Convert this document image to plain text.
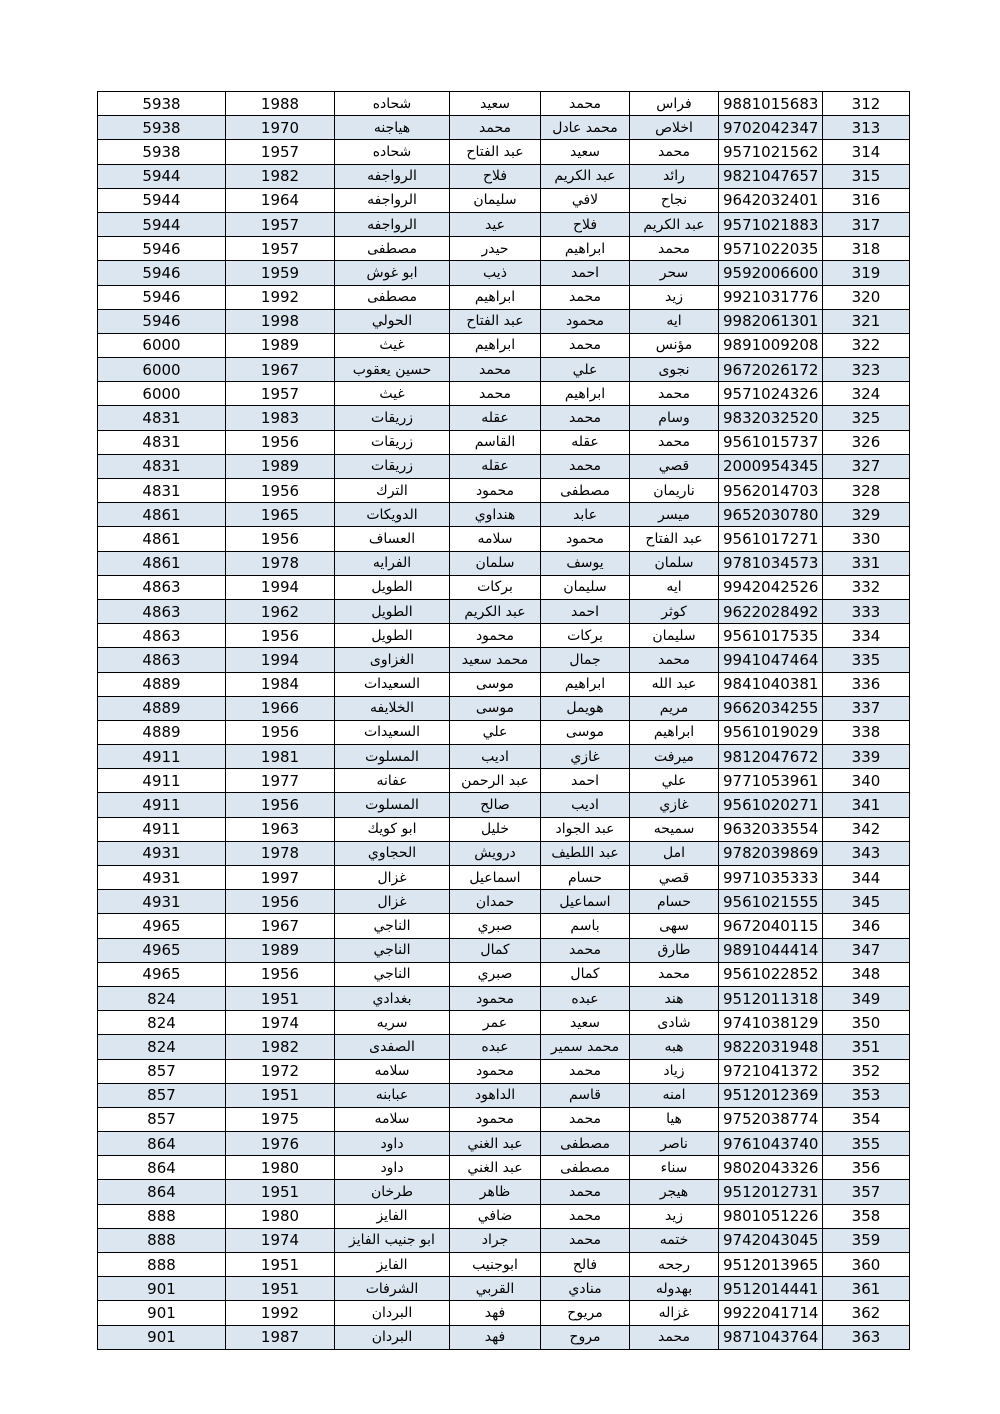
5938	1988	شحاده	سعيد	محمد	فراس	9881015683	312
5938	1970	هياجنه	محمد	محمد عادل	اخلاص	9702042347	313
5938	1957	شحاده	عبد الفتاح	سعيد	محمد	9571021562	314
5944	1982	الرواجفه	فلاح	عبد الكريم	رائد	9821047657	315
5944	1964	الرواجفه	سليمان	لافي	نجاح	9642032401	316
5944	1957	الرواجفه	عيد	فلاح	عبد الكريم	9571021883	317
5946	1957	مصطفى	حيدر	ابراهيم	محمد	9571022035	318
5946	1959	ابو غوش	ذيب	احمد	سحر	9592006600	319
5946	1992	مصطفى	ابراهيم	محمد	زيد	9921031776	320
5946	1998	الحولي	عبد الفتاح	محمود	ايه	9982061301	321
6000	1989	غيث	ابراهيم	محمد	مؤنس	9891009208	322
6000	1967	حسين يعقوب	محمد	علي	نجوى	9672026172	323
6000	1957	غيث	محمد	ابراهيم	محمد	9571024326	324
4831	1983	زريقات	عقله	محمد	وسام	9832032520	325
4831	1956	زريقات	القاسم	عقله	محمد	9561015737	326
4831	1989	زريقات	عقله	محمد	قصي	2000954345	327
4831	1956	الترك	محمود	مصطفى	ناريمان	9562014703	328
4861	1965	الدويكات	هنداوي	عابد	ميسر	9652030780	329
4861	1956	العساف	سلامه	محمود	عبد الفتاح	9561017271	330
4861	1978	الفرايه	سلمان	يوسف	سلمان	9781034573	331
4863	1994	الطويل	بركات	سليمان	ايه	9942042526	332
4863	1962	الطويل	عبد الكريم	احمد	كوثر	9622028492	333
4863	1956	الطويل	محمود	بركات	سليمان	9561017535	334
4863	1994	الغزاوى	محمد سعيد	جمال	محمد	9941047464	335
4889	1984	السعيدات	موسى	ابراهيم	عبد الله	9841040381	336
4889	1966	الخلايفه	موسى	هويمل	مريم	9662034255	337
4889	1956	السعيدات	علي	موسى	ابراهيم	9561019029	338
4911	1981	المسلوت	اديب	غازي	ميرفت	9812047672	339
4911	1977	عفانه	عبد الرحمن	احمد	علي	9771053961	340
4911	1956	المسلوت	صالح	اديب	غازي	9561020271	341
4911	1963	ابو كويك	خليل	عبد الجواد	سميحه	9632033554	342
4931	1978	الحجاوي	درويش	عبد اللطيف	امل	9782039869	343
4931	1997	غزال	اسماعيل	حسام	قصي	9971035333	344
4931	1956	غزال	حمدان	اسماعيل	حسام	9561021555	345
4965	1967	الناجي	صبري	باسم	سهى	9672040115	346
4965	1989	الناجي	كمال	محمد	طارق	9891044414	347
4965	1956	الناجي	صبري	كمال	محمد	9561022852	348
824	1951	بغدادي	محمود	عبده	هند	9512011318	349
824	1974	سريه	عمر	سعيد	شادى	9741038129	350
824	1982	الصفدى	عبده	محمد سمير	هبه	9822031948	351
857	1972	سلامه	محمود	محمد	زياد	9721041372	352
857	1951	عبابنه	الداهود	قاسم	امنه	9512012369	353
857	1975	سلامه	محمود	محمد	هيا	9752038774	354
864	1976	داود	عبد الغني	مصطفى	ناصر	9761043740	355
864	1980	داود	عبد الغني	مصطفى	سناء	9802043326	356
864	1951	طرخان	ظاهر	محمد	هيجر	9512012731	357
888	1980	الفايز	ضافي	محمد	زيد	9801051226	358
888	1974	ابو جنيب الفايز	جراد	محمد	ختمه	9742043045	359
888	1951	الفايز	ابوجنيب	فالح	رجحه	9512013965	360
901	1951	الشرفات	القربي	منادي	بهدوله	9512014441	361
901	1992	البردان	فهد	مريوح	غزاله	9922041714	362
901	1987	البردان	فهد	مروح	محمد	9871043764	363
